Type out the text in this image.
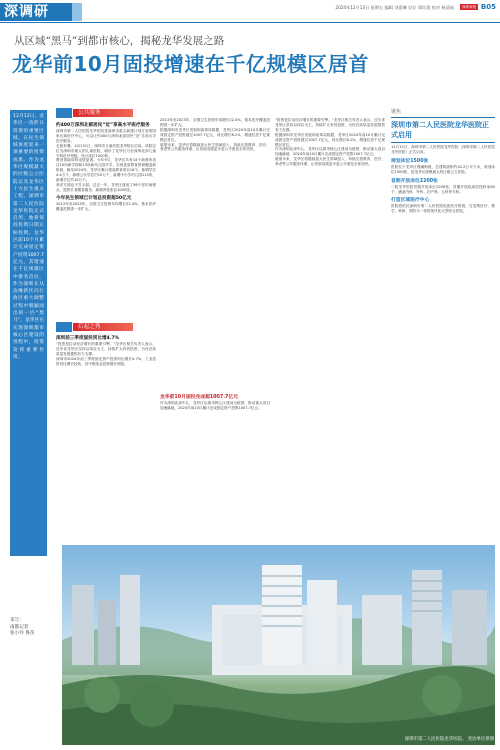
深调研	2024年12月13日 星期五 编辑 刘嘉琳 设计 郑红霞 校对 杨清丽	深圳商报 B05
从区域“黑马”到都市核心，揭秘龙华发展之路
龙华前10月固投增速在千亿规模区居首

12月12日，龙华区一改昨日投资的重要区域。在民生领域再度迎来一项重要的投资成果。作为龙华区规模最大的区级公立医院以及龙华区十大民生重点工程，深圳市第二人民医院龙华医院正式启用，地将保持投资日期正标投资。龙华区前10个月累计完成固定资产投资1007.7亿元，其增速在千亿规模区中排名首位，作为深圳在从边缘新区向行政区重大调整过程中脱颖而出的一匹“黑马”，龙华区在实现深圳都市核心区建设的进程中，投资发挥重要作用。

采写：
南都记者
张小玲 鲁苗
公共服务
约400万深圳北部居民“近”享高水平医疗服务

深圳市第二人民医院龙华医院是深圳市重点新建计划打造的国家区域医疗中心，可以让约400万深圳北部居民“近”享高水平医疗服务。

无独有偶，10月31日，深圳市儿童医院龙华院区启用。该院定位为深圳市最大的儿童医院，填补了龙华区乃至深圳北部儿童专科医疗短板，设计床位1000张。

教育领域同样成绩显著。今年9月，龙华区共有14个新教育项目10所新学校和13所新幼儿园开学，实现优质教育资源覆盖新阶段。截至2024年，龙华区累计建成教育项目16个，新增学位4.4万个，新增公办学位约10万个，新增中小学幼儿园115所，新增学位约10万个。

养老方面也不甘示弱。过去一年，龙华区建成了56个老年助餐点，提供长者膳食服务，新增养老床位1000张。

今年民生领域已计划总投资超50亿元

2013年至2023年，全国卫生投资年均增长22.4%，基本医疗覆盖范围进一步扩大。

后起之秀
深圳前三季度固投同比增4.7%

“投资是拉动经济增长的重要引擎。”龙华区相关负责人表示，近年来龙华区坚持以项目为王，持续扩大有效投资，为经济高质量发展提供有力支撑。

深圳市2024年前三季度固定资产投资同比增长4.7%，工业投资同比增长较快，其中制造业投资增长明显。

2013年至2023年，全国卫生投资年均增长22.4%，基本医疗覆盖范围进一步扩大。

根据深圳市龙华区发展和改革局数据，龙华区2024年前10月累计完成固定资产投资超过1007.7亿元，同比增长8.1%，增速位居千亿规模区首位。

展望未来，龙华区将继续加大民生领域投入，持续完善教育、医疗、养老等公共服务体系，让发展成果更多更公平惠及全体居民。

龙华前10月固投完成超1007.7亿元

作为深圳北部中心，龙华区以都市核心区建设为统领，推动重大项目加速落地，2024年前10月累计完成固定资产投资1007.7亿元。

“投资是拉动经济增长的重要引擎。”龙华区相关负责人表示，近年来龙华区坚持以项目为王，持续扩大有效投资，为经济高质量发展提供有力支撑。

根据深圳市龙华区发展和改革局数据，龙华区2024年前10月累计完成固定资产投资超过1007.7亿元，同比增长8.1%，增速位居千亿规模区首位。

作为深圳北部中心，龙华区以都市核心区建设为统领，推动重大项目加速落地，2024年前10月累计完成固定资产投资1007.7亿元。

展望未来，龙华区将继续加大民生领域投入，持续完善教育、医疗、养老等公共服务体系，让发展成果更多更公平惠及全体居民。

聚焦
深圳市第二人民医院龙华医院正式启用

12月12日，深圳市第二人民医院龙华医院（深圳市第二人民医院龙华医院）正式启用。

规划床位1500张

医院位于龙华区观澜街道，总建筑面积约42.2万平方米，规划床位1500张，是龙华区规模最大的区级公立医院。

首期开放床位2200张

二院龙华医院首期开放床位2200张，首期开放临床医技科室65个，涵盖内科、外科、妇产科、儿科等专科。

打造区域医疗中心

医院将依托深圳市第二人民医院优质医疗资源，打造集医疗、教学、科研、预防为一体的现代化大型综合医院。

深圳市第二人民医院龙华医院。 受访单位供图
